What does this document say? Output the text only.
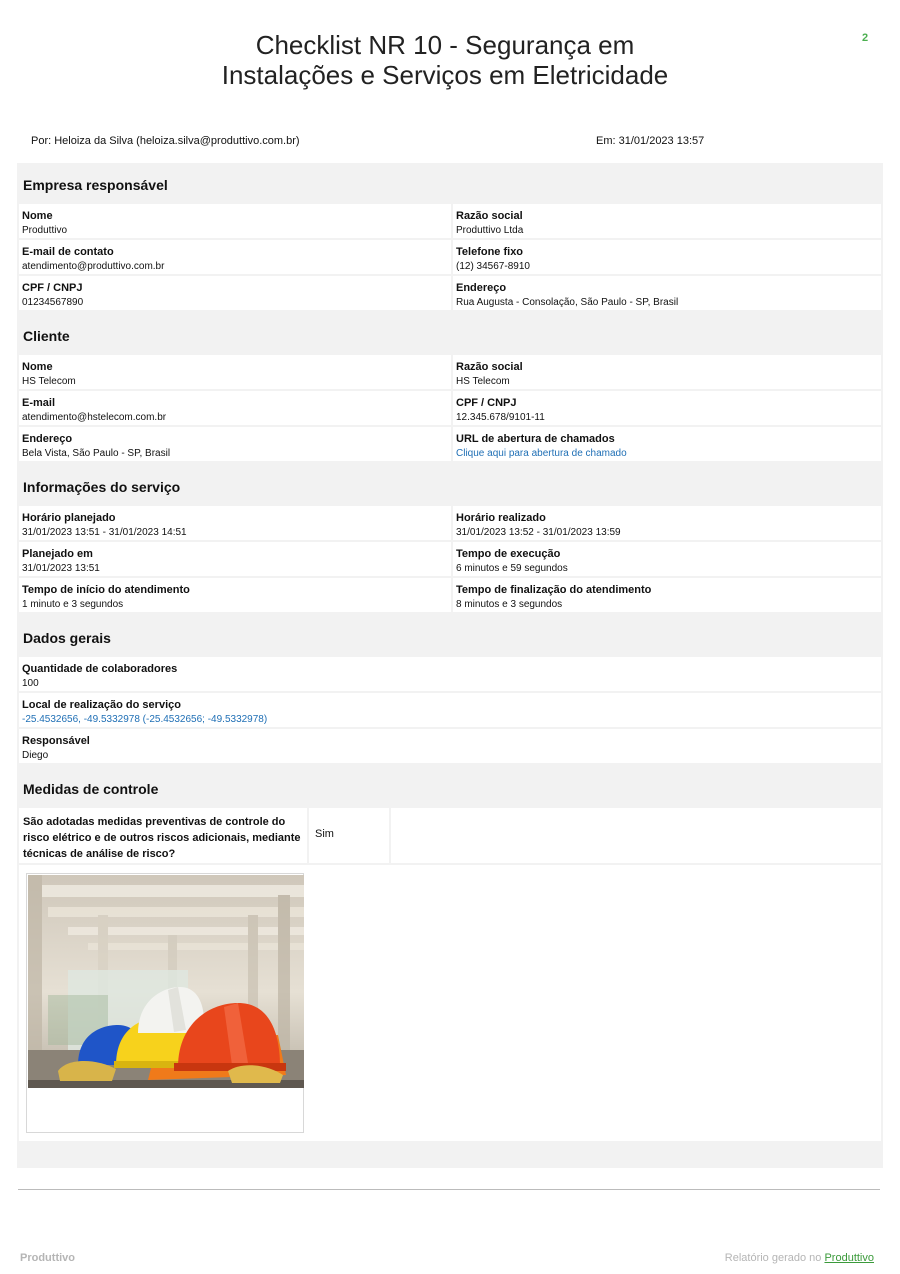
2
Checklist NR 10 - Segurança em Instalações e Serviços em Eletricidade
Por: Heloiza da Silva (heloiza.silva@produttivo.com.br)	Em: 31/01/2023 13:57
Empresa responsável
Nome
Produttivo
Razão social
Produttivo Ltda
E-mail de contato
atendimento@produttivo.com.br
Telefone fixo
(12) 34567-8910
CPF / CNPJ
01234567890
Endereço
Rua Augusta - Consolação, São Paulo - SP, Brasil
Cliente
Nome
HS Telecom
Razão social
HS Telecom
E-mail
atendimento@hstelecom.com.br
CPF / CNPJ
12.345.678/9101-11
Endereço
Bela Vista, São Paulo - SP, Brasil
URL de abertura de chamados
Clique aqui para abertura de chamado
Informações do serviço
Horário planejado
31/01/2023 13:51 - 31/01/2023 14:51
Horário realizado
31/01/2023 13:52 - 31/01/2023 13:59
Planejado em
31/01/2023 13:51
Tempo de execução
6 minutos e 59 segundos
Tempo de início do atendimento
1 minuto e 3 segundos
Tempo de finalização do atendimento
8 minutos e 3 segundos
Dados gerais
Quantidade de colaboradores
100
Local de realização do serviço
-25.4532656, -49.5332978 (-25.4532656; -49.5332978)
Responsável
Diego
Medidas de controle
São adotadas medidas preventivas de controle do risco elétrico e de outros riscos adicionais, mediante técnicas de análise de risco?
Sim
Produttivo	Relatório gerado no Produttivo
